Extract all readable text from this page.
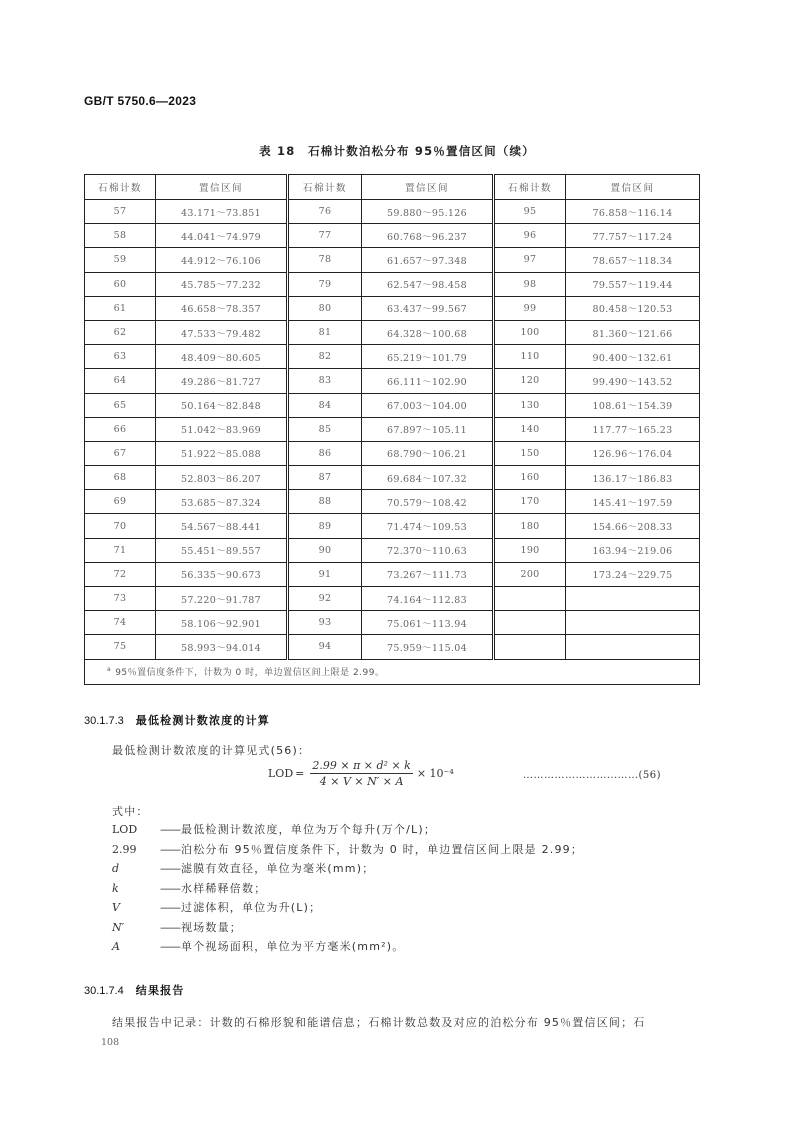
GB/T 5750.6—2023
表 18　石棉计数泊松分布 95％置信区间（续）
石棉计数	置信区间	石棉计数	置信区间	石棉计数	置信区间
57	43.171～73.851	76	59.880～95.126	95	76.858～116.14
58	44.041～74.979	77	60.768～96.237	96	77.757～117.24
59	44.912～76.106	78	61.657～97.348	97	78.657～118.34
60	45.785～77.232	79	62.547～98.458	98	79.557～119.44
61	46.658～78.357	80	63.437～99.567	99	80.458～120.53
62	47.533～79.482	81	64.328～100.68	100	81.360～121.66
63	48.409～80.605	82	65.219～101.79	110	90.400～132.61
64	49.286～81.727	83	66.111～102.90	120	99.490～143.52
65	50.164～82.848	84	67.003～104.00	130	108.61～154.39
66	51.042～83.969	85	67.897～105.11	140	117.77～165.23
67	51.922～85.088	86	68.790～106.21	150	126.96～176.04
68	52.803～86.207	87	69.684～107.32	160	136.17～186.83
69	53.685～87.324	88	70.579～108.42	170	145.41～197.59
70	54.567～88.441	89	71.474～109.53	180	154.66～208.33
71	55.451～89.557	90	72.370～110.63	190	163.94～219.06
72	56.335～90.673	91	73.267～111.73	200	173.24～229.75
73	57.220～91.787	92	74.164～112.83		
74	58.106～92.901	93	75.061～113.94		
75	58.993～94.014	94	75.959～115.04		
$^a$ 95％置信度条件下，计数为 0 时，单边置信区间上限是 2.99。					
30.1.7.3 最低检测计数浓度的计算
最低检测计数浓度的计算见式(56)：
LOD = $\frac{\text{2.99 × π × d² × k}}{4 \times V \times N' \times A} \times 10^{-4}$	……………………………(56)
式中：
LOD ——最低检测计数浓度，单位为万个每升(万个/L)；
2.99 ——泊松分布 95％置信度条件下，计数为 0 时，单边置信区间上限是 2.99；
d	——滤膜有效直径，单位为毫米(mm)；
k	——水样稀释倍数；
V	——过滤体积，单位为升(L)；
N′	——视场数量；
A	——单个视场面积，单位为平方毫米(mm²)。
30.1.7.4 结果报告
结果报告中记录：计数的石棉形貌和能谱信息；石棉计数总数及对应的泊松分布 95％置信区间；石
108
